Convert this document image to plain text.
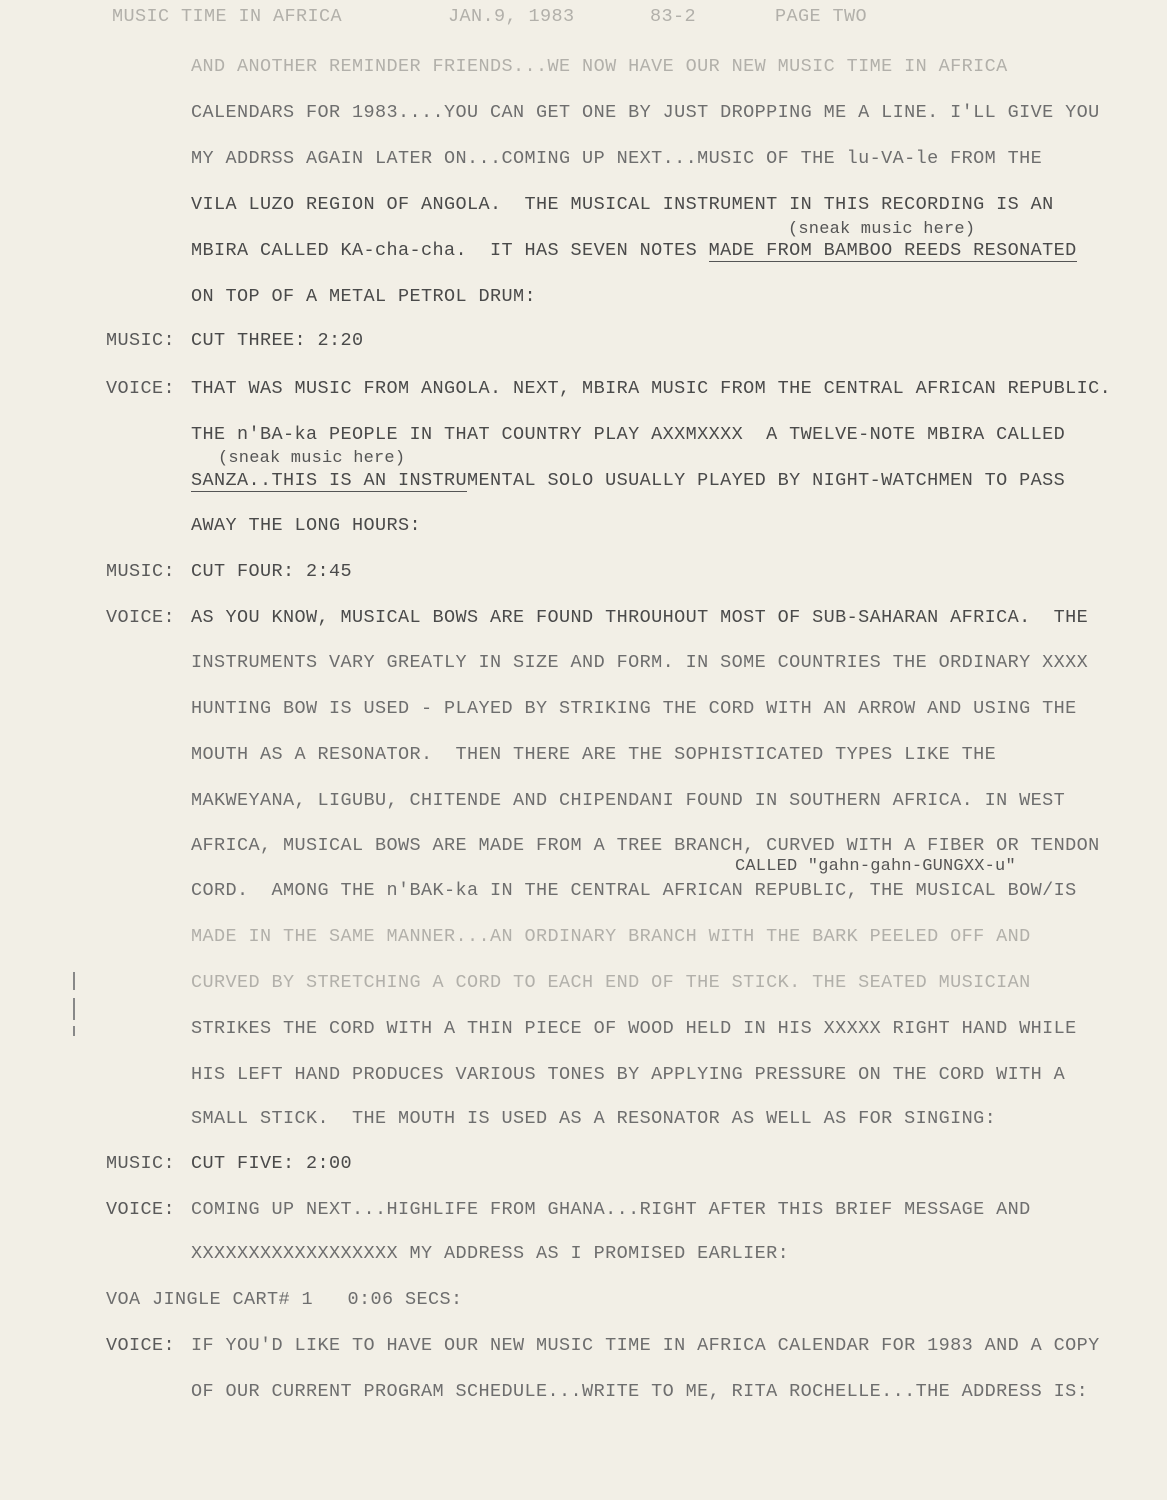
MUSIC TIME IN AFRICA	JAN.9, 1983	83-2	PAGE TWO
AND ANOTHER REMINDER FRIENDS...WE NOW HAVE OUR NEW MUSIC TIME IN AFRICA
CALENDARS FOR 1983....YOU CAN GET ONE BY JUST DROPPING ME A LINE. I'LL GIVE YOU
MY ADDRSS AGAIN LATER ON...COMING UP NEXT...MUSIC OF THE lu-VA-le FROM THE
VILA LUZO REGION OF ANGOLA.  THE MUSICAL INSTRUMENT IN THIS RECORDING IS AN
(sneak music here)
MBIRA CALLED KA-cha-cha.  IT HAS SEVEN NOTES MADE FROM BAMBOO REEDS RESONATED
ON TOP OF A METAL PETROL DRUM:
MUSIC: CUT THREE: 2:20
VOICE: THAT WAS MUSIC FROM ANGOLA. NEXT, MBIRA MUSIC FROM THE CENTRAL AFRICAN REPUBLIC.
THE n'BA-ka PEOPLE IN THAT COUNTRY PLAY AXXMXXXX  A TWELVE-NOTE MBIRA CALLED
(sneak music here)
SANZA..THIS IS AN INSTRUMENTAL SOLO USUALLY PLAYED BY NIGHT-WATCHMEN TO PASS
AWAY THE LONG HOURS:
MUSIC: CUT FOUR: 2:45
VOICE: AS YOU KNOW, MUSICAL BOWS ARE FOUND THROUHOUT MOST OF SUB-SAHARAN AFRICA.  THE
INSTRUMENTS VARY GREATLY IN SIZE AND FORM. IN SOME COUNTRIES THE ORDINARY XXXX
HUNTING BOW IS USED - PLAYED BY STRIKING THE CORD WITH AN ARROW AND USING THE
MOUTH AS A RESONATOR.  THEN THERE ARE THE SOPHISTICATED TYPES LIKE THE
MAKWEYANA, LIGUBU, CHITENDE AND CHIPENDANI FOUND IN SOUTHERN AFRICA. IN WEST
AFRICA, MUSICAL BOWS ARE MADE FROM A TREE BRANCH, CURVED WITH A FIBER OR TENDON
CALLED "gahn-gahn-GUNGXX-u"
CORD.  AMONG THE n'BAK-ka IN THE CENTRAL AFRICAN REPUBLIC, THE MUSICAL BOW/IS
MADE IN THE SAME MANNER...AN ORDINARY BRANCH WITH THE BARK PEELED OFF AND
CURVED BY STRETCHING A CORD TO EACH END OF THE STICK. THE SEATED MUSICIAN
STRIKES THE CORD WITH A THIN PIECE OF WOOD HELD IN HIS XXXXX RIGHT HAND WHILE
HIS LEFT HAND PRODUCES VARIOUS TONES BY APPLYING PRESSURE ON THE CORD WITH A
SMALL STICK.  THE MOUTH IS USED AS A RESONATOR AS WELL AS FOR SINGING:
MUSIC: CUT FIVE: 2:00
VOICE: COMING UP NEXT...HIGHLIFE FROM GHANA...RIGHT AFTER THIS BRIEF MESSAGE AND
XXXXXXXXXXXXXXXXXX MY ADDRESS AS I PROMISED EARLIER:
VOA JINGLE CART# 1   0:06 SECS:
VOICE: IF YOU'D LIKE TO HAVE OUR NEW MUSIC TIME IN AFRICA CALENDAR FOR 1983 AND A COPY
OF OUR CURRENT PROGRAM SCHEDULE...WRITE TO ME, RITA ROCHELLE...THE ADDRESS IS:
